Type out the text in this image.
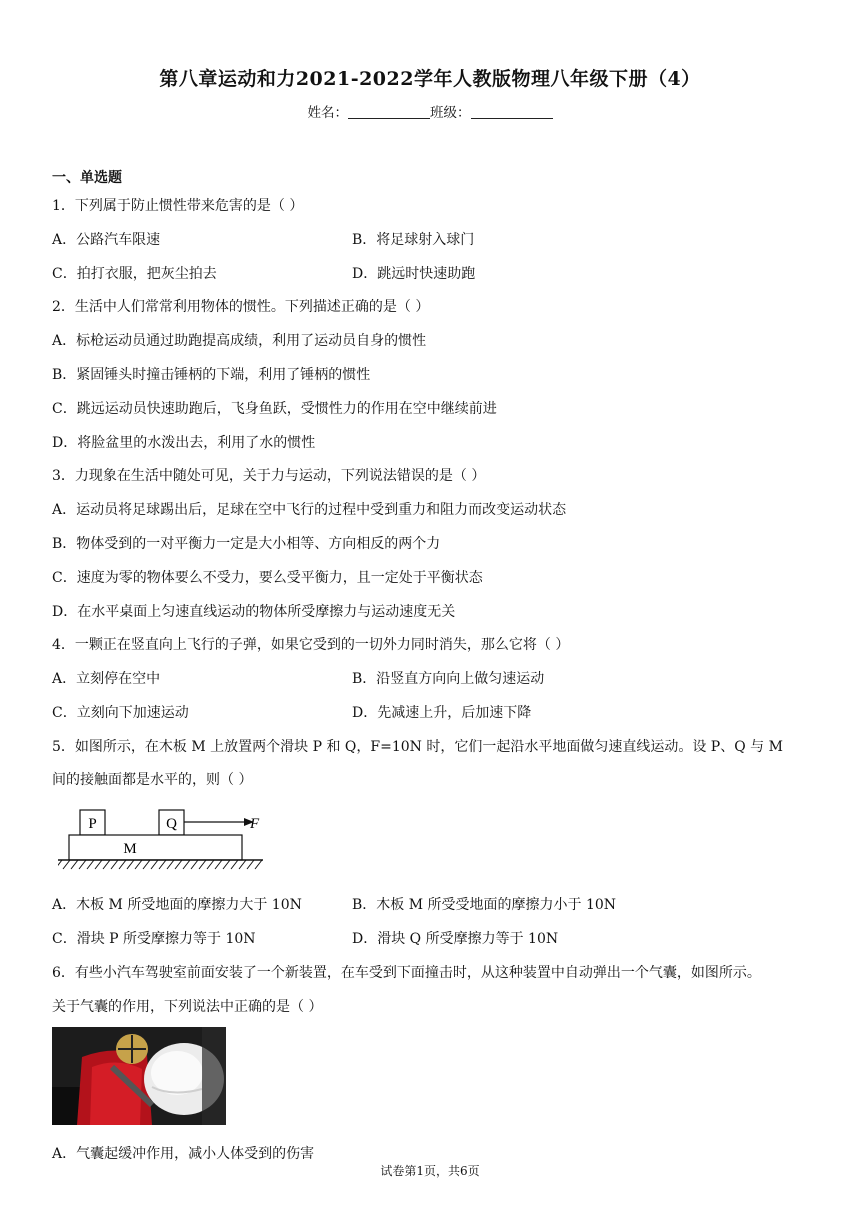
第八章运动和力2021-2022学年人教版物理八年级下册（4）
姓名：	班级：
一、单选题
1．下列属于防止惯性带来危害的是（ ）
A．公路汽车限速	B．将足球射入球门
C．拍打衣服，把灰尘拍去	D．跳远时快速助跑
2．生活中人们常常利用物体的惯性。下列描述正确的是（ ）
A．标枪运动员通过助跑提高成绩，利用了运动员自身的惯性
B．紧固锤头时撞击锤柄的下端，利用了锤柄的惯性
C．跳远运动员快速助跑后，飞身鱼跃，受惯性力的作用在空中继续前进
D．将脸盆里的水泼出去，利用了水的惯性
3．力现象在生活中随处可见，关于力与运动，下列说法错误的是（ ）
A．运动员将足球踢出后，足球在空中飞行的过程中受到重力和阻力而改变运动状态
B．物体受到的一对平衡力一定是大小相等、方向相反的两个力
C．速度为零的物体要么不受力，要么受平衡力，且一定处于平衡状态
D．在水平桌面上匀速直线运动的物体所受摩擦力与运动速度无关
4．一颗正在竖直向上飞行的子弹，如果它受到的一切外力同时消失，那么它将（ ）
A．立刻停在空中	B．沿竖直方向向上做匀速运动
C．立刻向下加速运动	D．先减速上升，后加速下降
5．如图所示，在木板 M 上放置两个滑块 P 和 Q，F=10N 时，它们一起沿水平地面做匀速直线运动。设 P、Q 与 M
间的接触面都是水平的，则（ ）
P	Q	F
M
A．木板 M 所受地面的摩擦力大于 10N	B．木板 M 所受受地面的摩擦力小于 10N
C．滑块 P 所受摩擦力等于 10N	D．滑块 Q 所受摩擦力等于 10N
6．有些小汽车驾驶室前面安装了一个新装置，在车受到下面撞击时，从这种装置中自动弹出一个气囊，如图所示。
关于气囊的作用，下列说法中正确的是（ ）
A．气囊起缓冲作用，减小人体受到的伤害
试卷第1页，共6页
